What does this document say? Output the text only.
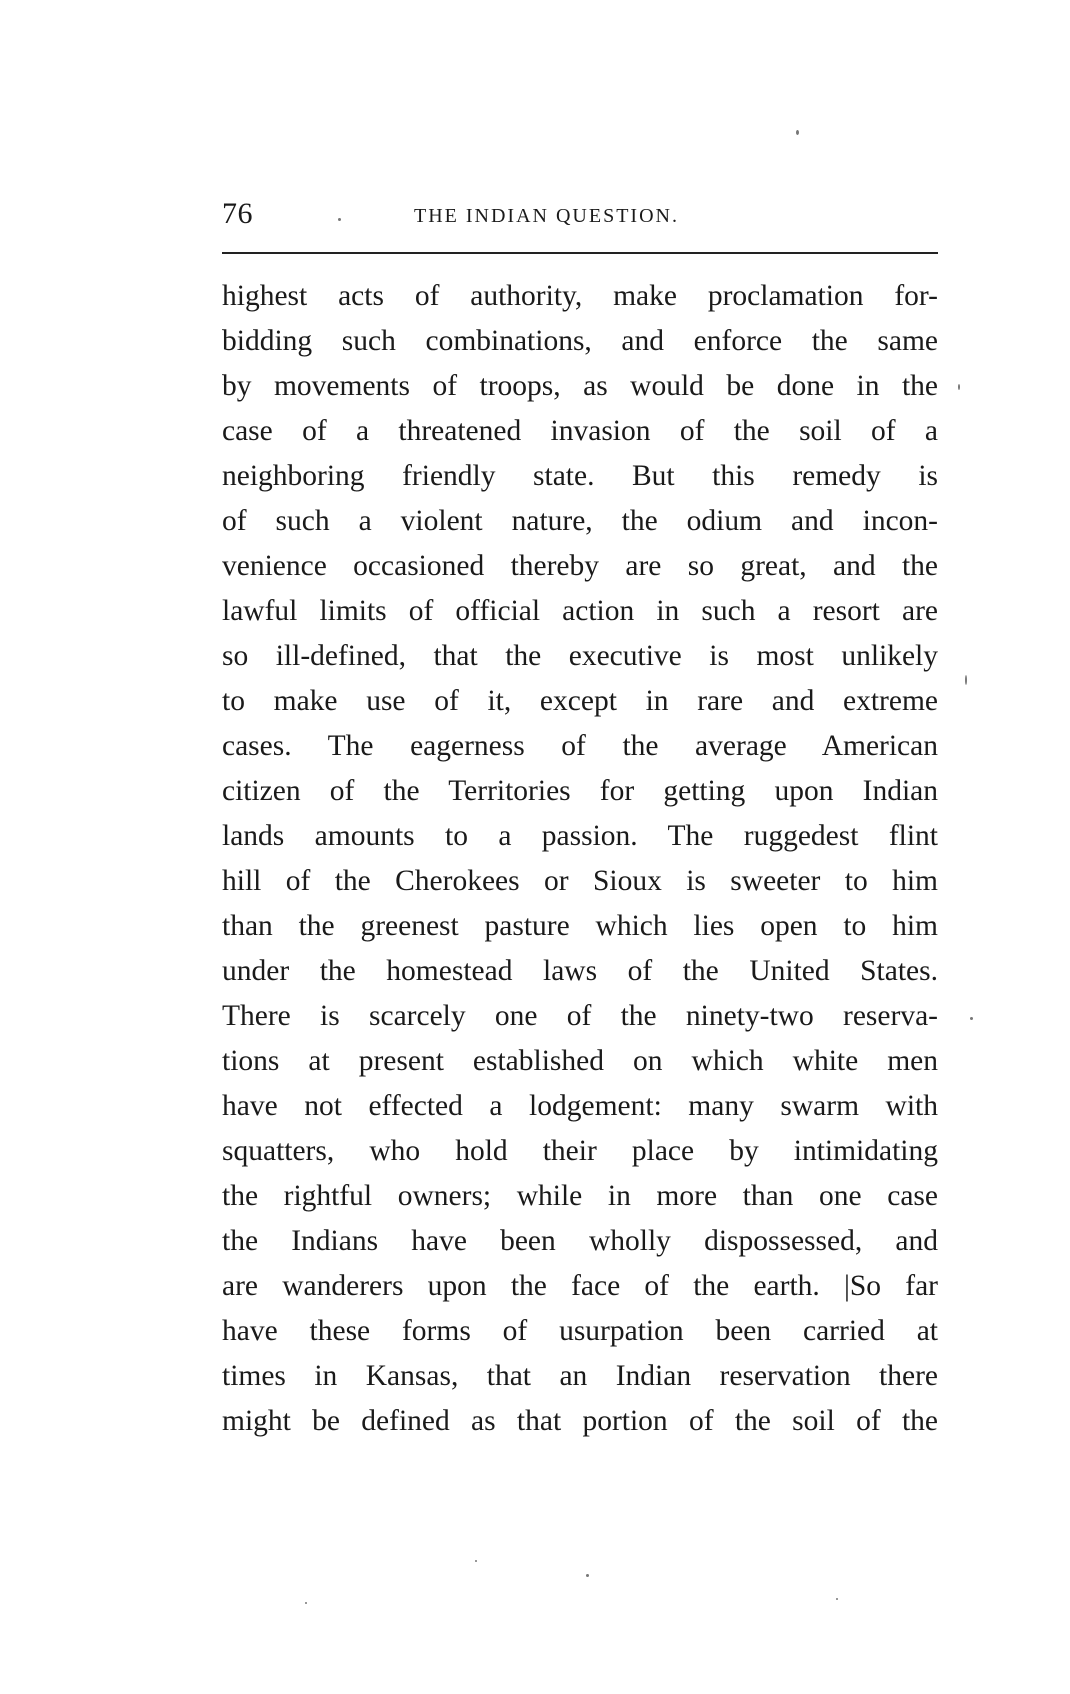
76	THE INDIAN QUESTION.
highest acts of authority, make proclamation for-
bidding such combinations, and enforce the same
by movements of troops, as would be done in the
case of a threatened invasion of the soil of a
neighboring friendly state. But this remedy is
of such a violent nature, the odium and incon-
venience occasioned thereby are so great, and the
lawful limits of official action in such a resort are
so ill-defined, that the executive is most unlikely
to make use of it, except in rare and extreme
cases. The eagerness of the average American
citizen of the Territories for getting upon Indian
lands amounts to a passion. The ruggedest flint
hill of the Cherokees or Sioux is sweeter to him
than the greenest pasture which lies open to him
under the homestead laws of the United States.
There is scarcely one of the ninety-two reserva-
tions at present established on which white men
have not effected a lodgement: many swarm with
squatters, who hold their place by intimidating
the rightful owners; while in more than one case
the Indians have been wholly dispossessed, and
are wanderers upon the face of the earth. |So far
have these forms of usurpation been carried at
times in Kansas, that an Indian reservation there
might be defined as that portion of the soil of the
